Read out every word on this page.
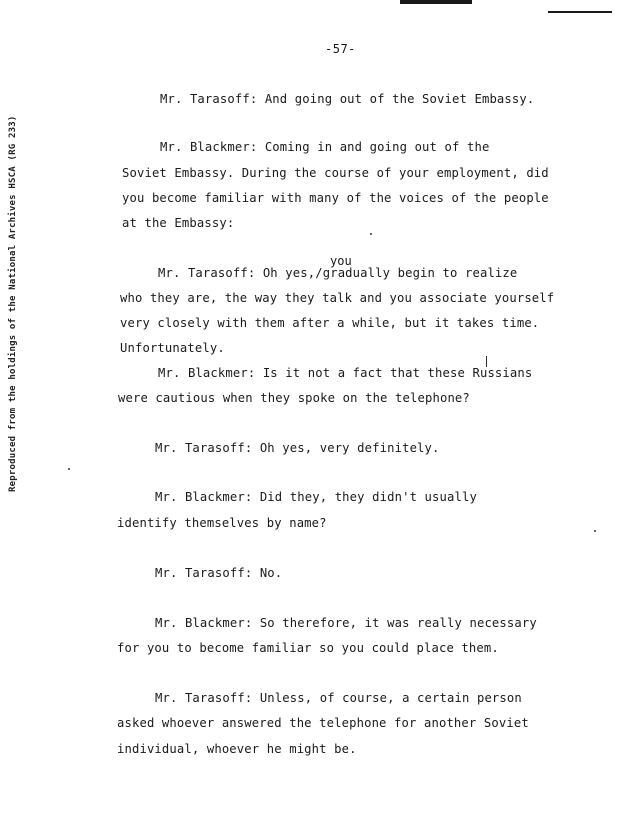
-57-
Reproduced from the holdings of the National Archives HSCA (RG 233)	you
Mr. Tarasoff: And going out of the Soviet Embassy.
Mr. Blackmer: Coming in and going out of the
Soviet Embassy. During the course of your employment, did
you become familiar with many of the voices of the people
at the Embassy:
Mr. Tarasoff: Oh yes,/gradually begin to realize
who they are, the way they talk and you associate yourself
very closely with them after a while, but it takes time.
Unfortunately.
Mr. Blackmer: Is it not a fact that these Russians
were cautious when they spoke on the telephone?
Mr. Tarasoff: Oh yes, very definitely.
Mr. Blackmer: Did they, they didn't usually
identify themselves by name?
Mr. Tarasoff: No.
Mr. Blackmer: So therefore, it was really necessary
for you to become familiar so you could place them.
Mr. Tarasoff: Unless, of course, a certain person
asked whoever answered the telephone for another Soviet
individual, whoever he might be.
